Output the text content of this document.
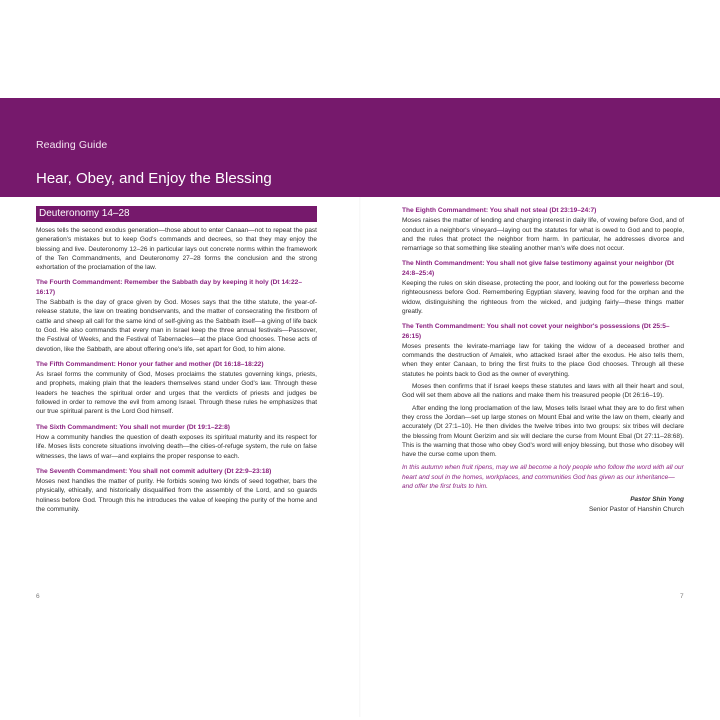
Reading Guide
Hear, Obey, and Enjoy the Blessing
Deuteronomy 14–28

Moses tells the second exodus generation—those about to enter Canaan—not to repeat the past generation's mistakes but to keep God's commands and decrees, so that they may enjoy the blessing and live. Deuteronomy 12–26 in particular lays out concrete norms within the framework of the Ten Commandments, and Deuteronomy 27–28 forms the conclusion and the strong exhortation of the proclamation of the law.

The Fourth Commandment: Remember the Sabbath day by keeping it holy (Dt 14:22–16:17)

The Sabbath is the day of grace given by God. Moses says that the tithe statute, the year-of-release statute, the law on treating bondservants, and the matter of consecrating the firstborn of cattle and sheep all call for the same kind of self-giving as the Sabbath itself—a giving of life back to God. He also commands that every man in Israel keep the three annual festivals—Passover, the Festival of Weeks, and the Festival of Tabernacles—at the place God chooses. These acts of devotion, like the Sabbath, are about offering one's life, set apart for God, to him alone.

The Fifth Commandment: Honor your father and mother (Dt 16:18–18:22)

As Israel forms the community of God, Moses proclaims the statutes governing kings, priests, and prophets, making plain that the leaders themselves stand under God's law. Through these leaders he teaches the spiritual order and urges that the verdicts of priests and judges be followed in order to remove the evil from among Israel. Through these rules he emphasizes that our true spiritual parent is the Lord God himself.

The Sixth Commandment: You shall not murder (Dt 19:1–22:8)

How a community handles the question of death exposes its spiritual maturity and its respect for life. Moses lists concrete situations involving death—the cities-of-refuge system, the rule on false witnesses, the laws of war—and explains the proper response to each.

The Seventh Commandment: You shall not commit adultery (Dt 22:9–23:18)

Moses next handles the matter of purity. He forbids sowing two kinds of seed together, bars the physically, ethically, and historically disqualified from the assembly of the Lord, and so guards holiness before God. Through this he introduces the value of keeping the purity of the home and the community.

The Eighth Commandment: You shall not steal (Dt 23:19–24:7)

Moses raises the matter of lending and charging interest in daily life, of vowing before God, and of conduct in a neighbor's vineyard—laying out the statutes for what is owed to God and to people, and the rules that protect the neighbor from harm. In particular, he addresses divorce and remarriage so that something like stealing another man's wife does not occur.

The Ninth Commandment: You shall not give false testimony against your neighbor (Dt 24:8–25:4)

Keeping the rules on skin disease, protecting the poor, and looking out for the powerless become righteousness before God. Remembering Egyptian slavery, leaving food for the orphan and the widow, distinguishing the righteous from the wicked, and judging fairly—these things matter greatly.

The Tenth Commandment: You shall not covet your neighbor's possessions (Dt 25:5–26:15)

Moses presents the levirate-marriage law for taking the widow of a deceased brother and commands the destruction of Amalek, who attacked Israel after the exodus. He also tells them, when they enter Canaan, to bring the first fruits to the place God chooses. Through all these statutes he points back to God as the owner of everything.

Moses then confirms that if Israel keeps these statutes and laws with all their heart and soul, God will set them above all the nations and make them his treasured people (Dt 26:16–19).

After ending the long proclamation of the law, Moses tells Israel what they are to do first when they cross the Jordan—set up large stones on Mount Ebal and write the law on them, clearly and accurately (Dt 27:1–10). He then divides the twelve tribes into two groups: six tribes will declare the blessing from Mount Gerizim and six will declare the curse from Mount Ebal (Dt 27:11–28:68). This is the warning that those who obey God's word will enjoy blessing, but those who disobey will have the curse come upon them.

In this autumn when fruit ripens, may we all become a holy people who follow the word with all our heart and soul in the homes, workplaces, and communities God has given as our inheritance—and offer the first fruits to him.

Pastor Shin Yong
Senior Pastor of Hanshin Church
6	7
